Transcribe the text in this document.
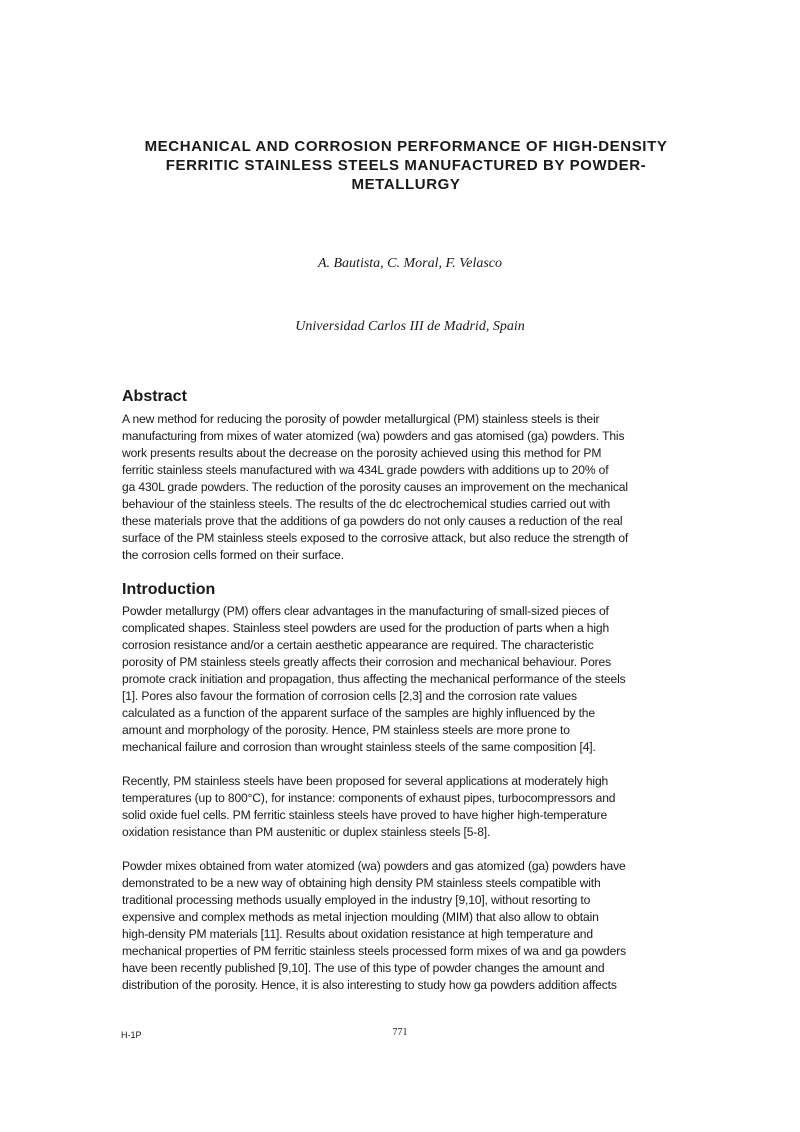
MECHANICAL AND CORROSION PERFORMANCE OF HIGH-DENSITY
FERRITIC STAINLESS STEELS MANUFACTURED BY POWDER-
METALLURGY
A. Bautista, C. Moral, F. Velasco
Universidad Carlos III de Madrid, Spain
Abstract
A new method for reducing the porosity of powder metallurgical (PM) stainless steels is their
manufacturing from mixes of water atomized (wa) powders and gas atomised (ga) powders. This
work presents results about the decrease on the porosity achieved using this method for PM
ferritic stainless steels manufactured with wa 434L grade powders with additions up to 20% of
ga 430L grade powders. The reduction of the porosity causes an improvement on the mechanical
behaviour of the stainless steels. The results of the dc electrochemical studies carried out with
these materials prove that the additions of ga powders do not only causes a reduction of the real
surface of the PM stainless steels exposed to the corrosive attack, but also reduce the strength of
the corrosion cells formed on their surface.
Introduction
Powder metallurgy (PM) offers clear advantages in the manufacturing of small-sized pieces of
complicated shapes. Stainless steel powders are used for the production of parts when a high
corrosion resistance and/or a certain aesthetic appearance are required. The characteristic
porosity of PM stainless steels greatly affects their corrosion and mechanical behaviour. Pores
promote crack initiation and propagation, thus affecting the mechanical performance of the steels
[1]. Pores also favour the formation of corrosion cells [2,3] and the corrosion rate values
calculated as a function of the apparent surface of the samples are highly influenced by the
amount and morphology of the porosity. Hence, PM stainless steels are more prone to
mechanical failure and corrosion than wrought stainless steels of the same composition [4].
Recently, PM stainless steels have been proposed for several applications at moderately high
temperatures (up to 800°C), for instance: components of exhaust pipes, turbocompressors and
solid oxide fuel cells. PM ferritic stainless steels have proved to have higher high-temperature
oxidation resistance than PM austenitic or duplex stainless steels [5-8].
Powder mixes obtained from water atomized (wa) powders and gas atomized (ga) powders have
demonstrated to be a new way of obtaining high density PM stainless steels compatible with
traditional processing methods usually employed in the industry [9,10], without resorting to
expensive and complex methods as metal injection moulding (MIM) that also allow to obtain
high-density PM materials [11]. Results about oxidation resistance at high temperature and
mechanical properties of PM ferritic stainless steels processed form mixes of wa and ga powders
have been recently published [9,10]. The use of this type of powder changes the amount and
distribution of the porosity. Hence, it is also interesting to study how ga powders addition affects
H-1P	771
